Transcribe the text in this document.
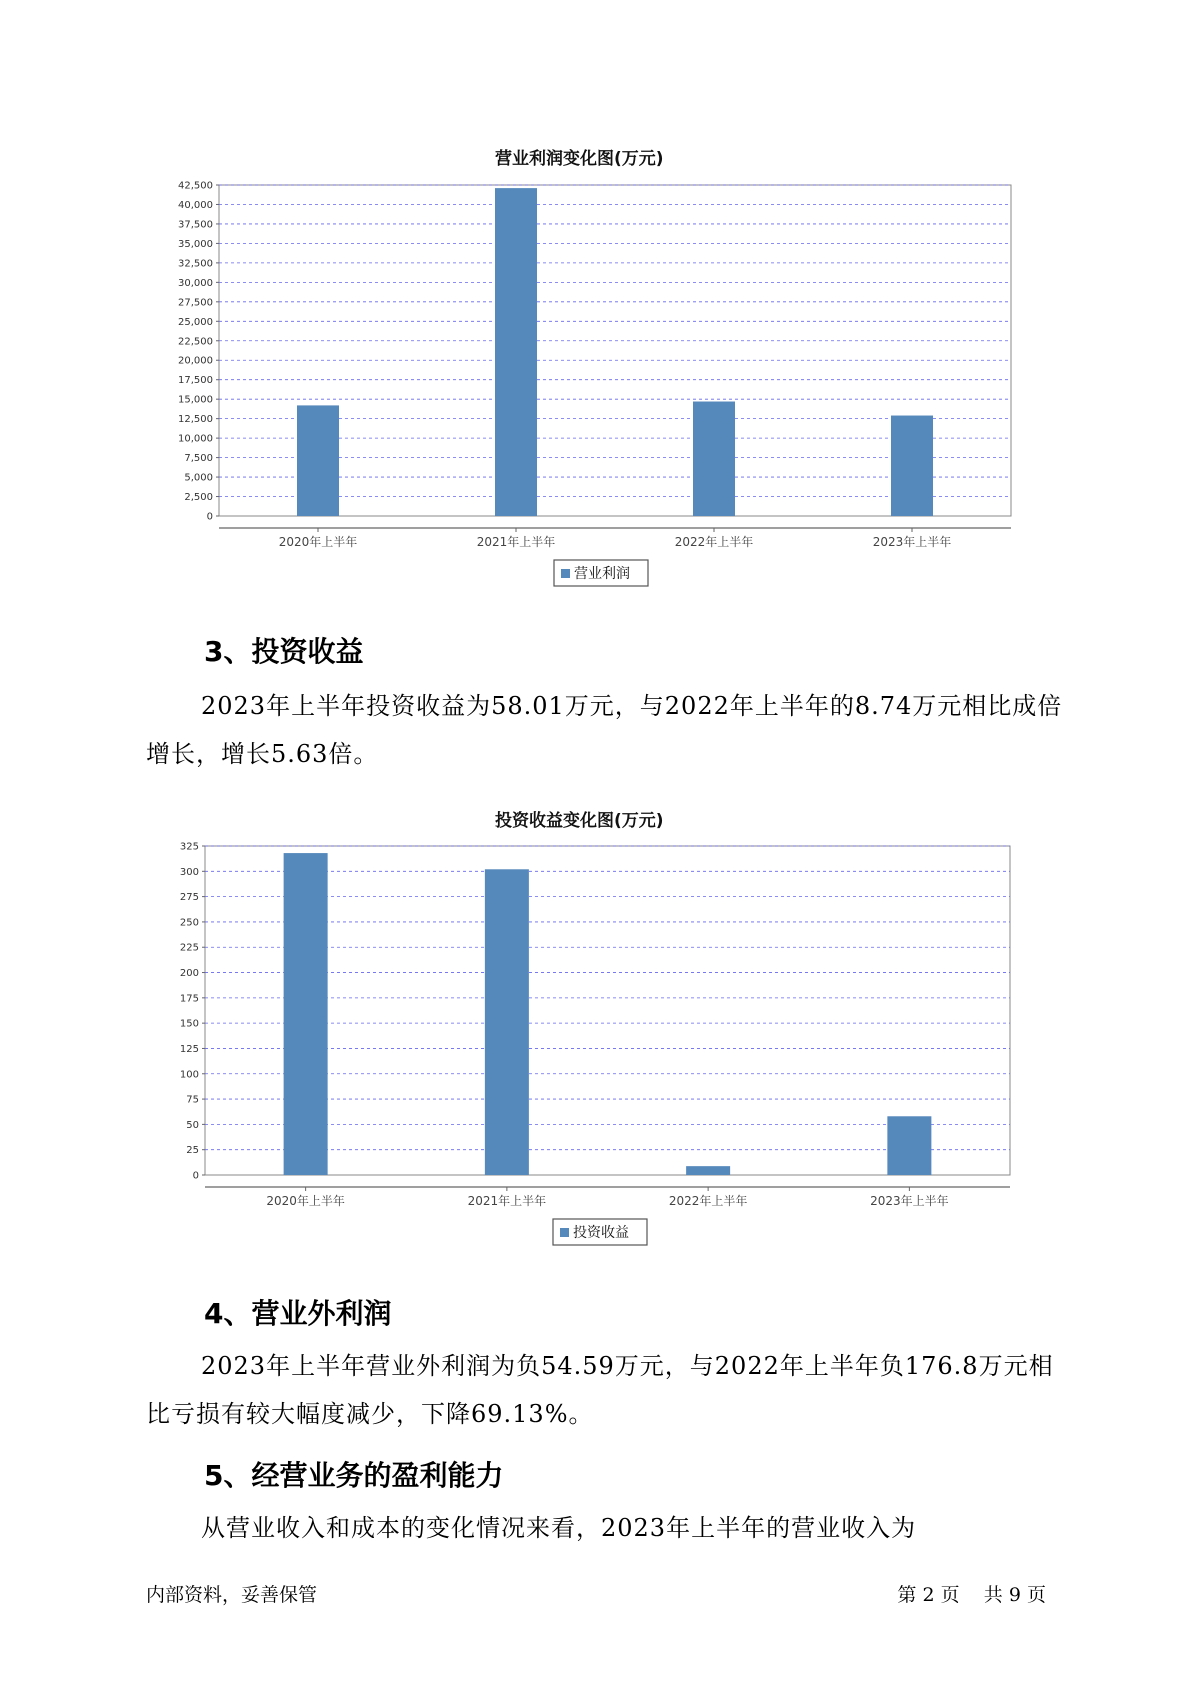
营业利润变化图(万元)
0
2,500
5,000
7,500
10,000
12,500
15,000
17,500
20,000
22,500
25,000
27,500
30,000
32,500
35,000
37,500
40,000
42,500
2020年上半年	2021年上半年	2022年上半年	2023年上半年
营业利润
3、投资收益

2023年上半年投资收益为58.01万元，与2022年上半年的8.74万元相比成倍增长，增长5.63倍。

投资收益变化图(万元)
0
25
50
75
100
125
150
175
200
225
250
275
300
325
2020年上半年	2021年上半年	2022年上半年	2023年上半年
投资收益
4、营业外利润

2023年上半年营业外利润为负54.59万元，与2022年上半年负176.8万元相比亏损有较大幅度减少，下降69.13%。

5、经营业务的盈利能力

从营业收入和成本的变化情况来看，2023年上半年的营业收入为

内部资料，妥善保管	第 2 页 共 9 页
